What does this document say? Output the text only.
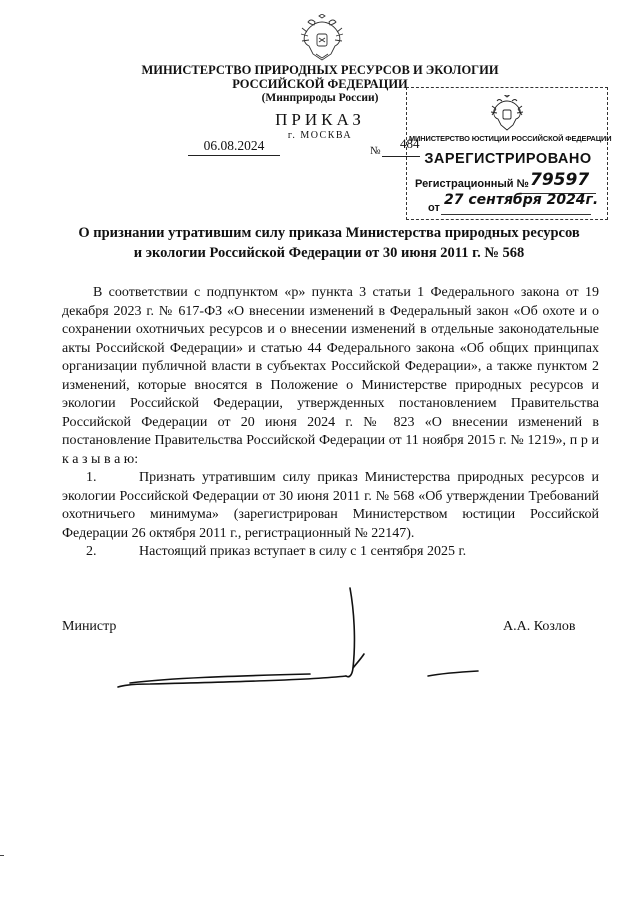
МИНИСТЕРСТВО ПРИРОДНЫХ РЕСУРСОВ И ЭКОЛОГИИ
РОССИЙСКОЙ ФЕДЕРАЦИИ
(Минприроды России)
ПРИКАЗ
г. МОСКВА
06.08.2024	№ 484
МИНИСТЕРСТВО ЮСТИЦИИ РОССИЙСКОЙ ФЕДЕРАЦИИ
ЗАРЕГИСТРИРОВАНО
Регистрационный № 79597
от 27 сентября 2024г.
О признании утратившим силу приказа Министерства природных ресурсов
и экологии Российской Федерации от 30 июня 2011 г. № 568

В соответствии с подпунктом «р» пункта 3 статьи 1 Федерального закона от 19 декабря 2023 г. № 617-ФЗ «О внесении изменений в Федеральный закон «Об охоте и о сохранении охотничьих ресурсов и о внесении изменений в отдельные законодательные акты Российской Федерации» и статью 44 Федерального закона «Об общих принципах организации публичной власти в субъектах Российской Федерации», а также пунктом 2 изменений, которые вносятся в Положение о Министерстве природных ресурсов и экологии Российской Федерации, утвержденных постановлением Правительства Российской Федерации от 20 июня 2024 г. № 823 «О внесении изменений в постановление Правительства Российской Федерации от 11 ноября 2015 г. № 1219», п р и к а з ы в а ю:

1.	Признать утратившим силу приказ Министерства природных ресурсов и экологии Российской Федерации от 30 июня 2011 г. № 568 «Об утверждении Требований охотничьего минимума» (зарегистрирован Министерством юстиции Российской Федерации 26 октября 2011 г., регистрационный № 22147).

2.	Настоящий приказ вступает в силу с 1 сентября 2025 г.

Министр	А.А. Козлов
